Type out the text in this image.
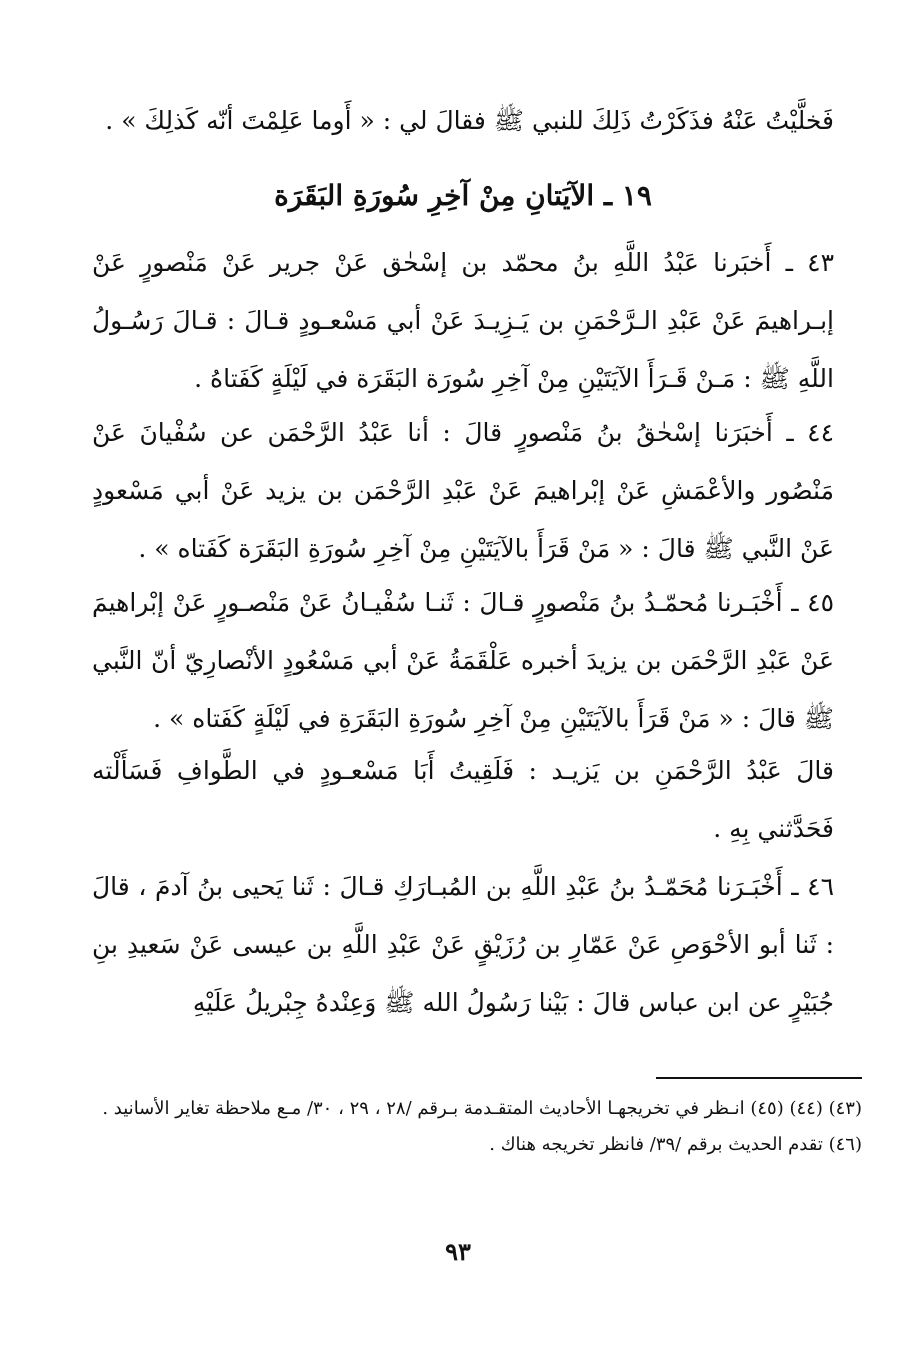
فَخلَّيْتُ عَنْهُ فذَكَرْتُ ذَلِكَ للنبي ﷺ فقالَ لي : « أَوما عَلِمْتَ أنّه كَذلِكَ » .

١٩ ـ الآيَتانِ مِنْ آخِرِ سُورَةِ البَقَرَة

٤٣ ـ أَخبَرنا عَبْدُ اللَّهِ بنُ محمّد بن إسْحٰق عَنْ جرير عَنْ مَنْصورٍ عَنْ إبـراهيمَ عَنْ عَبْدِ الـرَّحْمَنِ بن يَـزِيـدَ عَنْ أبي مَسْعـودٍ قـالَ : قـالَ رَسُـولُ اللَّهِ ﷺ : مَـنْ قَـرَأَ الآيَتَيْنِ مِنْ آخِرِ سُورَة البَقَرَة في لَيْلَةٍ كَفَتاهُ .

٤٤ ـ أَخبَرَنا إسْحٰقُ بنُ مَنْصورٍ قالَ : أنا عَبْدُ الرَّحْمَن عن سُفْيانَ عَنْ مَنْصُور والأعْمَشِ عَنْ إبْراهيمَ عَنْ عَبْدِ الرَّحْمَن بن يزيد عَنْ أبي مَسْعودٍ عَنْ النَّبي ﷺ قالَ : « مَنْ قَرَأَ بالآيَتَيْنِ مِنْ آخِرِ سُورَةِ البَقَرَة كَفَتاه » .

٤٥ ـ أَخْبَـرنا مُحمّـدُ بنُ مَنْصورٍ قـالَ : ثَنـا سُفْيـانُ عَنْ مَنْصـورٍ عَنْ إبْراهيمَ عَنْ عَبْدِ الرَّحْمَن بن يزيدَ أخبره عَلْقَمَةُ عَنْ أبي مَسْعُودٍ الأنْصارِيّ أنّ النَّبي ﷺ قالَ : « مَنْ قَرَأَ بالآيَتَيْنِ مِنْ آخِرِ سُورَةِ البَقَرَةِ في لَيْلَةٍ كَفَتاه » .

قالَ عَبْدُ الرَّحْمَنِ بن يَزيـد : فَلَقِيتُ أَبَا مَسْعـودٍ في الطَّوافِ فَسَأَلْته فَحَدَّثني بِهِ .

٤٦ ـ أَخْبَـرَنا مُحَمّـدُ بنُ عَبْدِ اللَّهِ بن المُبـارَكِ قـالَ : ثَنا يَحيى بنُ آدمَ ، قالَ : ثَنا أبو الأحْوَصِ عَنْ عَمّارِ بن رُزَيْقٍ عَنْ عَبْدِ اللَّهِ بن عيسى عَنْ سَعيدِ بنِ جُبَيْرٍ عن ابن عباس قالَ : بَيْنا رَسُولُ الله ﷺ وَعِنْدهُ جِبْريلُ عَلَيْهِ

(٤٣) (٤٤) (٤٥) انـظر في تخريجهـا الأحاديث المتقـدمة بـرقم /٢٨ ، ٢٩ ، ٣٠/ مـع ملاحظة تغاير الأسانيد .

(٤٦) تقدم الحديث برقم /٣٩/ فانظر تخريجه هناك .

٩٣
